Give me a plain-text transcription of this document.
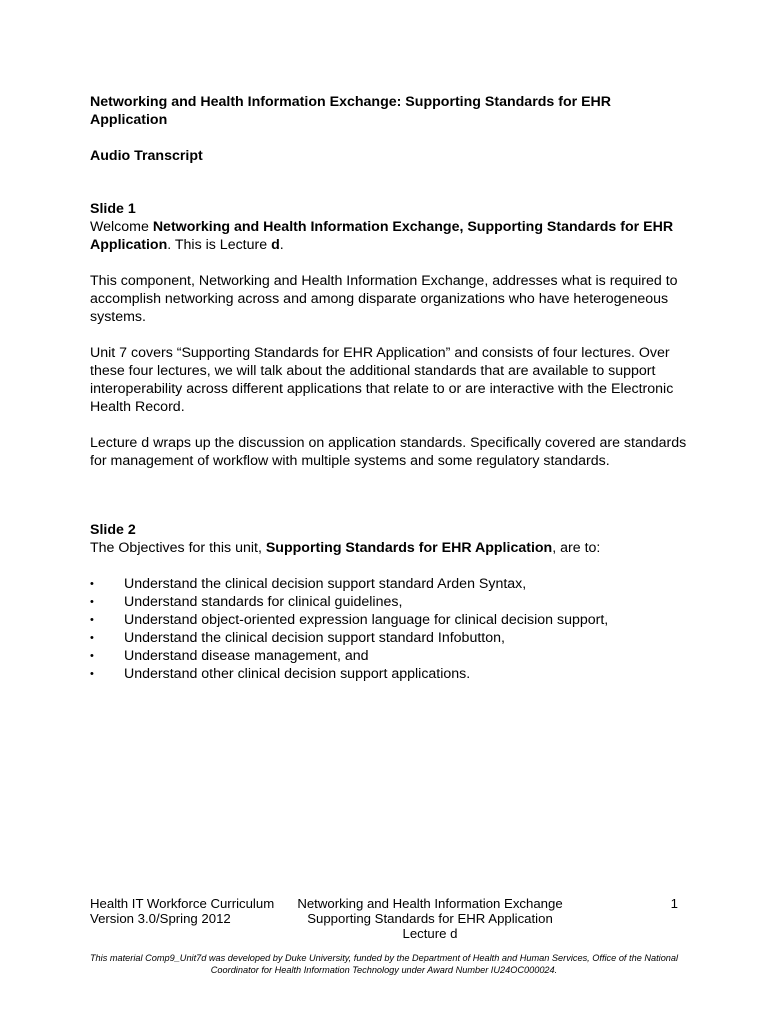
Networking and Health Information Exchange: Supporting Standards for EHR Application
Audio Transcript
Slide 1

Welcome Networking and Health Information Exchange, Supporting Standards for EHR Application. This is Lecture d.

This component, Networking and Health Information Exchange, addresses what is required to accomplish networking across and among disparate organizations who have heterogeneous systems.

Unit 7 covers “Supporting Standards for EHR Application” and consists of four lectures. Over these four lectures, we will talk about the additional standards that are available to support interoperability across different applications that relate to or are interactive with the Electronic Health Record.

Lecture d wraps up the discussion on application standards. Specifically covered are standards for management of workflow with multiple systems and some regulatory standards.

Slide 2

The Objectives for this unit, Supporting Standards for EHR Application, are to:

• Understand the clinical decision support standard Arden Syntax,
• Understand standards for clinical guidelines,
• Understand object-oriented expression language for clinical decision support,
• Understand the clinical decision support standard Infobutton,
• Understand disease management, and
• Understand other clinical decision support applications.
Health IT Workforce Curriculum
Version 3.0/Spring 2012
Networking and Health Information Exchange
Supporting Standards for EHR Application
Lecture d
1
This material Comp9_Unit7d was developed by Duke University, funded by the Department of Health and Human Services, Office of the National Coordinator for Health Information Technology under Award Number IU24OC000024.
